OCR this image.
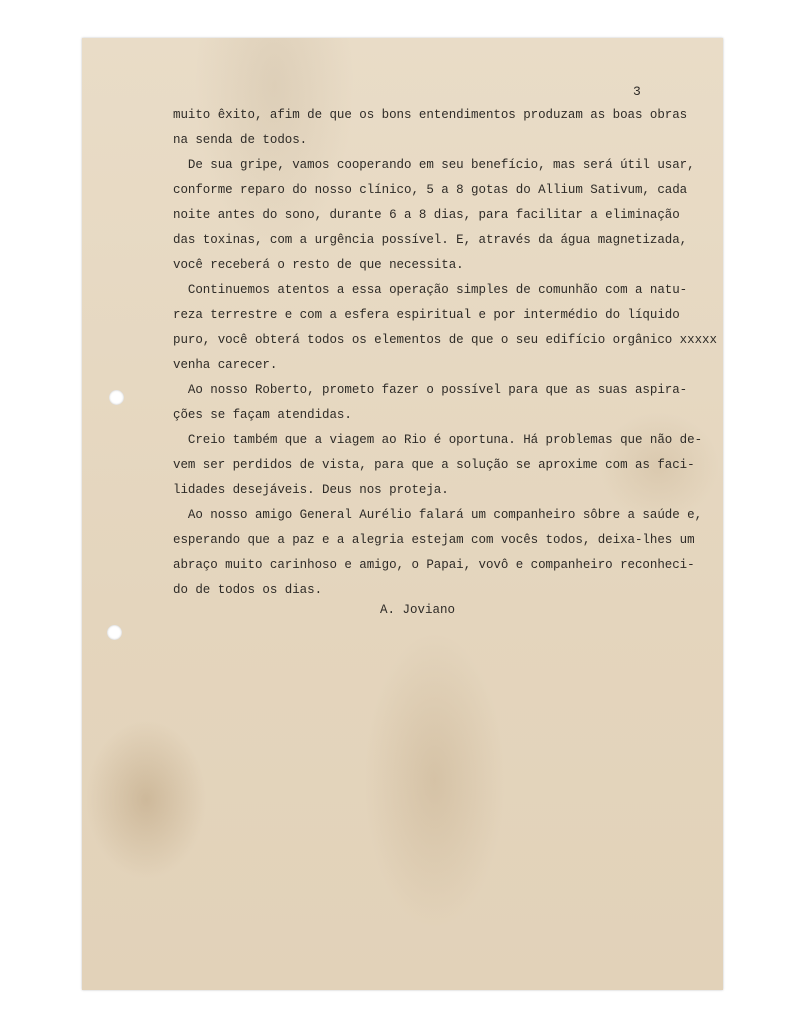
3
muito êxito, afim de que os bons entendimentos produzam as boas obras
na senda de todos.
De sua gripe, vamos cooperando em seu benefício, mas será útil usar,
conforme reparo do nosso clínico, 5 a 8 gotas do Allium Sativum, cada
noite antes do sono, durante 6 a 8 dias, para facilitar a eliminação
das toxinas, com a urgência possível. E, através da água magnetizada,
você receberá o resto de que necessita.
Continuemos atentos a essa operação simples de comunhão com a natu-
reza terrestre e com a esfera espiritual e por intermédio do líquido
puro, você obterá todos os elementos de que o seu edifício orgânico xxxxx
venha carecer.
Ao nosso Roberto, prometo fazer o possível para que as suas aspira-
ções se façam atendidas.
Creio também que a viagem ao Rio é oportuna. Há problemas que não de-
vem ser perdidos de vista, para que a solução se aproxime com as faci-
lidades desejáveis. Deus nos proteja.
Ao nosso amigo General Aurélio falará um companheiro sôbre a saúde e,
esperando que a paz e a alegria estejam com vocês todos, deixa-lhes um
abraço muito carinhoso e amigo, o Papai, vovô e companheiro reconheci-
do de todos os dias.
A. Joviano
